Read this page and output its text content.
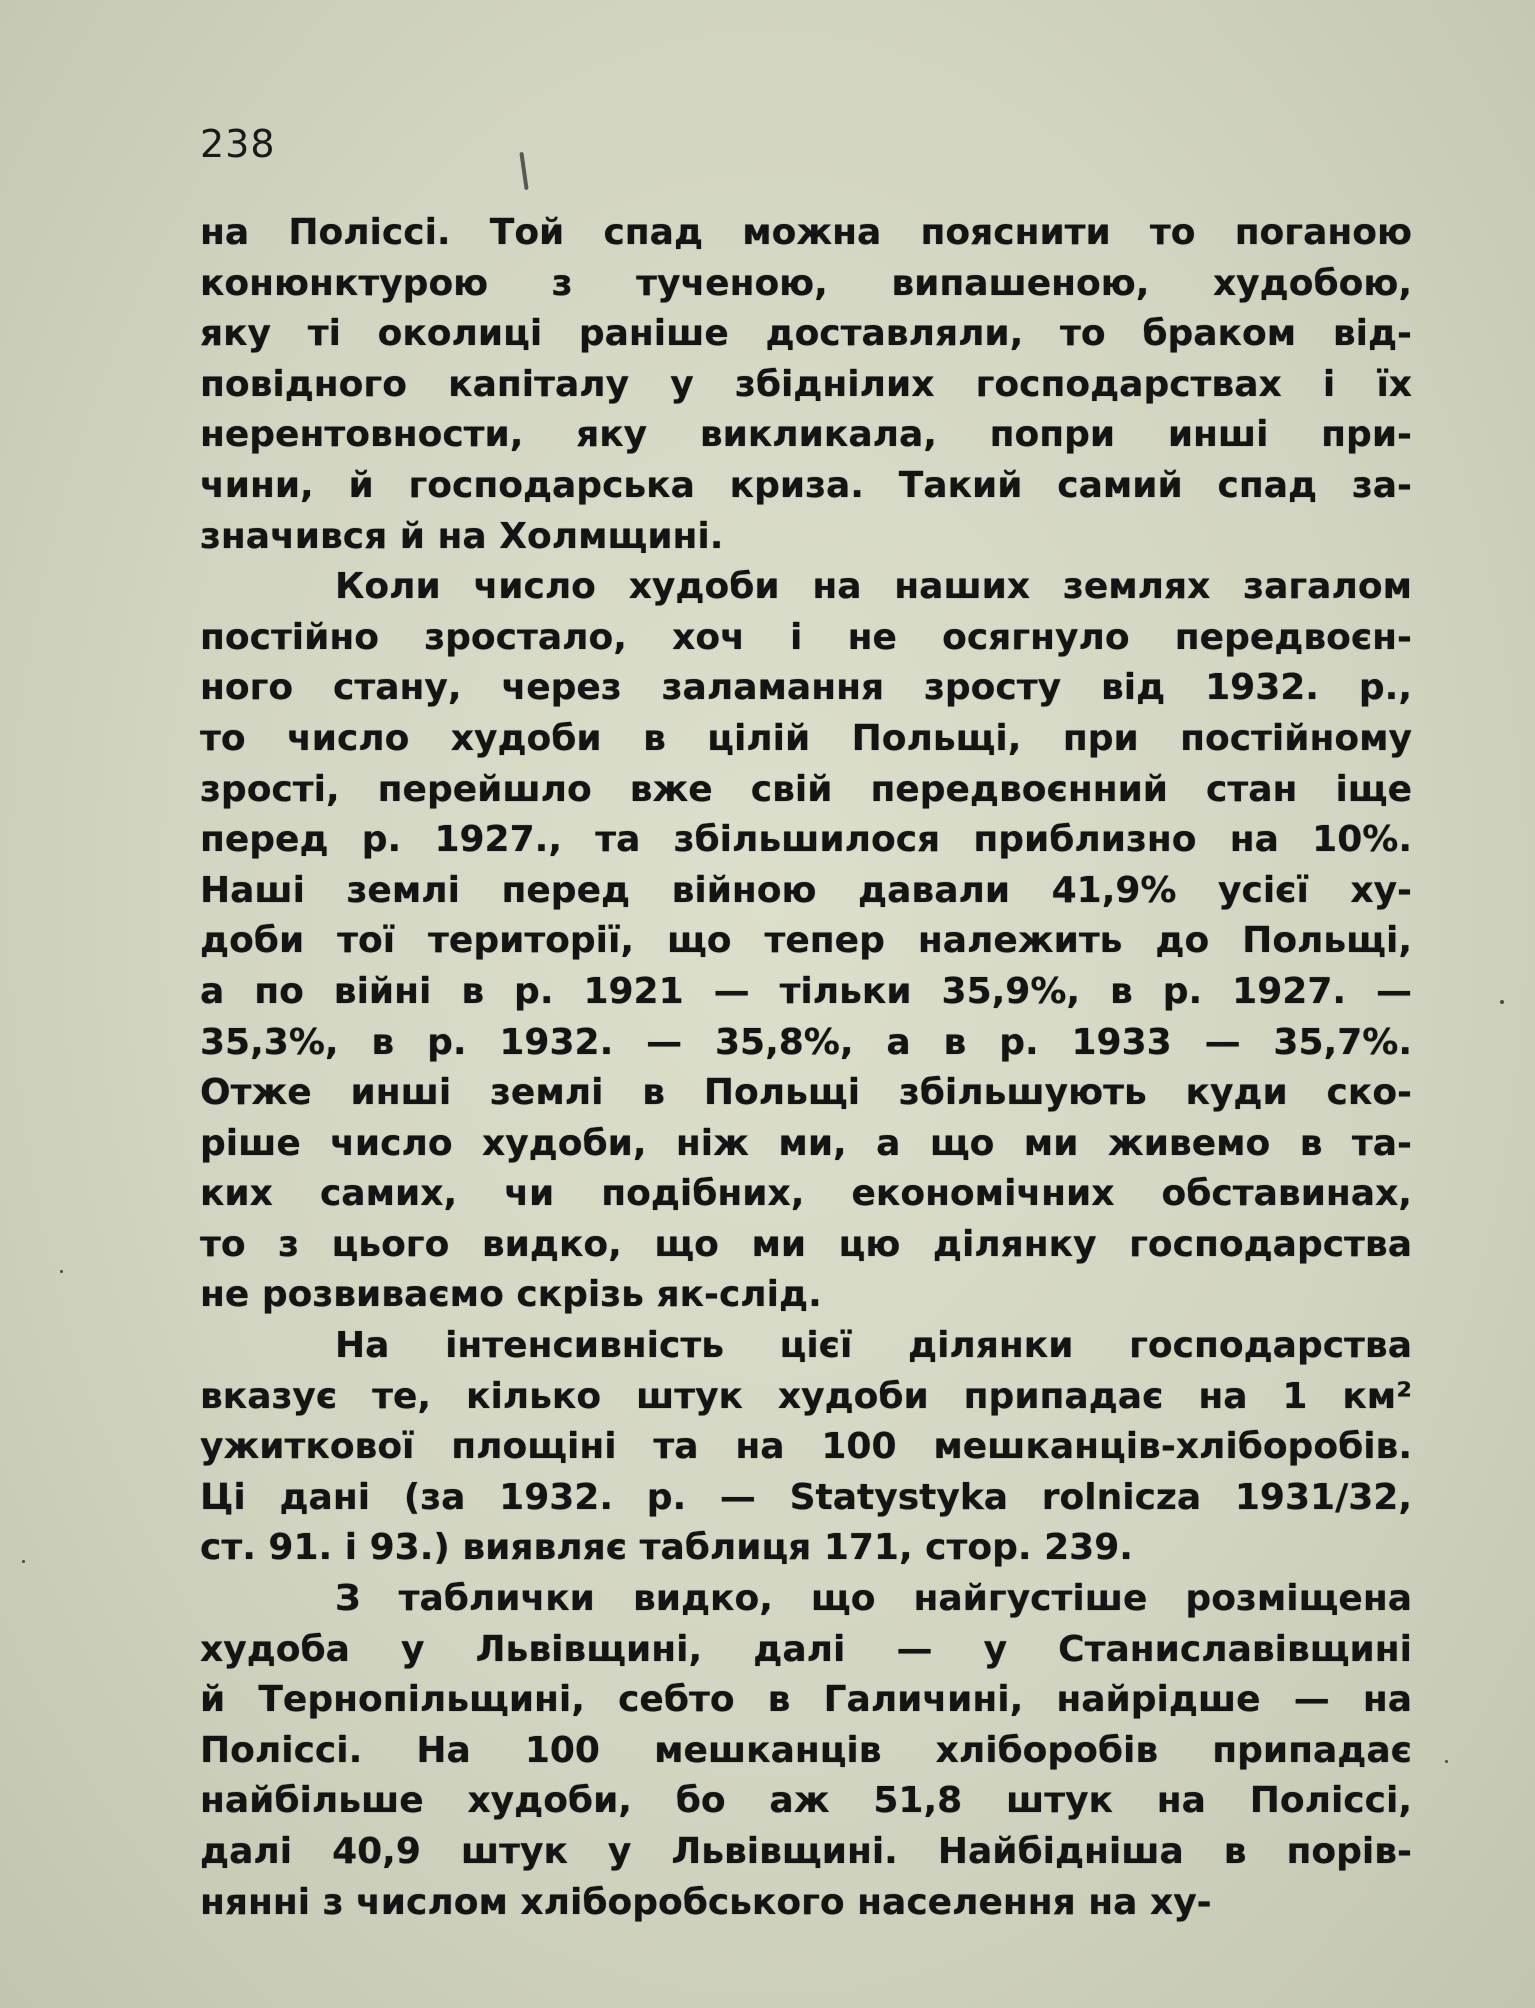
238
на Поліссі. Той спад можна пояснити то поганою
конюнктурою з тученою, випашеною, худобою,
яку ті околиці раніше доставляли, то браком від-
повідного капіталу у збіднілих господарствах і їх
нерентовности, яку викликала, попри инші при-
чини, й господарська криза. Такий самий спад за-
значився й на Холмщині.
Коли число худоби на наших землях загалом
постійно зростало, хоч і не осягнуло передвоєн-
ного стану, через заламання зросту від 1932. р.,
то число худоби в цілій Польщі, при постійному
зрості, перейшло вже свій передвоєнний стан іще
перед р. 1927., та збільшилося приблизно на 10%.
Наші землі перед війною давали 41,9% усієї ху-
доби тої території, що тепер належить до Польщі,
а по війні в р. 1921 — тільки 35,9%, в р. 1927. —
35,3%, в р. 1932. — 35,8%, а в р. 1933 — 35,7%.
Отже инші землі в Польщі збільшують куди ско-
ріше число худоби, ніж ми, а що ми живемо в та-
ких самих, чи подібних, економічних обставинах,
то з цього видко, що ми цю ділянку господарства
не розвиваємо скрізь як-слід.
На інтенсивність цієї ділянки господарства
вказує те, кілько штук худоби припадає на 1 км²
ужиткової площіні та на 100 мешканців-хліборобів.
Ці дані (за 1932. р. — Statystyka rolnicza 1931/32,
ст. 91. і 93.) виявляє таблиця 171, стор. 239.
З таблички видко, що найгустіше розміщена
худоба у Львівщині, далі — у Станиславівщині
й Тернопільщині, себто в Галичині, найрідше — на
Поліссі. На 100 мешканців хліборобів припадає
найбільше худоби, бо аж 51,8 штук на Поліссі,
далі 40,9 штук у Львівщині. Найбідніша в порів-
нянні з числом хліборобського населення на ху-
